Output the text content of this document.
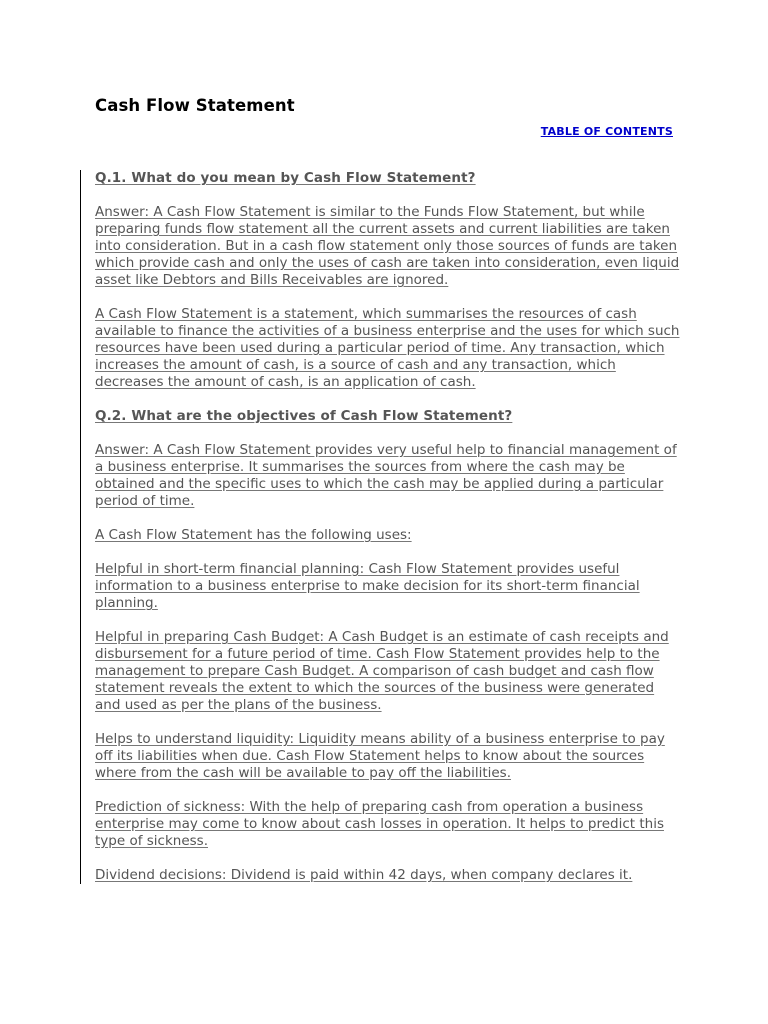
Cash Flow Statement
TABLE OF CONTENTS

Q.1. What do you mean by Cash Flow Statement?

Answer: A Cash Flow Statement is similar to the Funds Flow Statement, but while preparing funds flow statement all the current assets and current liabilities are taken into consideration. But in a cash flow statement only those sources of funds are taken which provide cash and only the uses of cash are taken into consideration, even liquid asset like Debtors and Bills Receivables are ignored.

A Cash Flow Statement is a statement, which summarises the resources of cash available to finance the activities of a business enterprise and the uses for which such resources have been used during a particular period of time. Any transaction, which increases the amount of cash, is a source of cash and any transaction, which decreases the amount of cash, is an application of cash.

Q.2. What are the objectives of Cash Flow Statement?

Answer: A Cash Flow Statement provides very useful help to financial management of a business enterprise. It summarises the sources from where the cash may be obtained and the specific uses to which the cash may be applied during a particular period of time.

A Cash Flow Statement has the following uses:

Helpful in short-term financial planning: Cash Flow Statement provides useful information to a business enterprise to make decision for its short-term financial planning.

Helpful in preparing Cash Budget: A Cash Budget is an estimate of cash receipts and disbursement for a future period of time. Cash Flow Statement provides help to the management to prepare Cash Budget. A comparison of cash budget and cash flow statement reveals the extent to which the sources of the business were generated and used as per the plans of the business.

Helps to understand liquidity: Liquidity means ability of a business enterprise to pay off its liabilities when due. Cash Flow Statement helps to know about the sources where from the cash will be available to pay off the liabilities.

Prediction of sickness: With the help of preparing cash from operation a business enterprise may come to know about cash losses in operation. It helps to predict this type of sickness.

Dividend decisions: Dividend is paid within 42 days, when company declares it.
